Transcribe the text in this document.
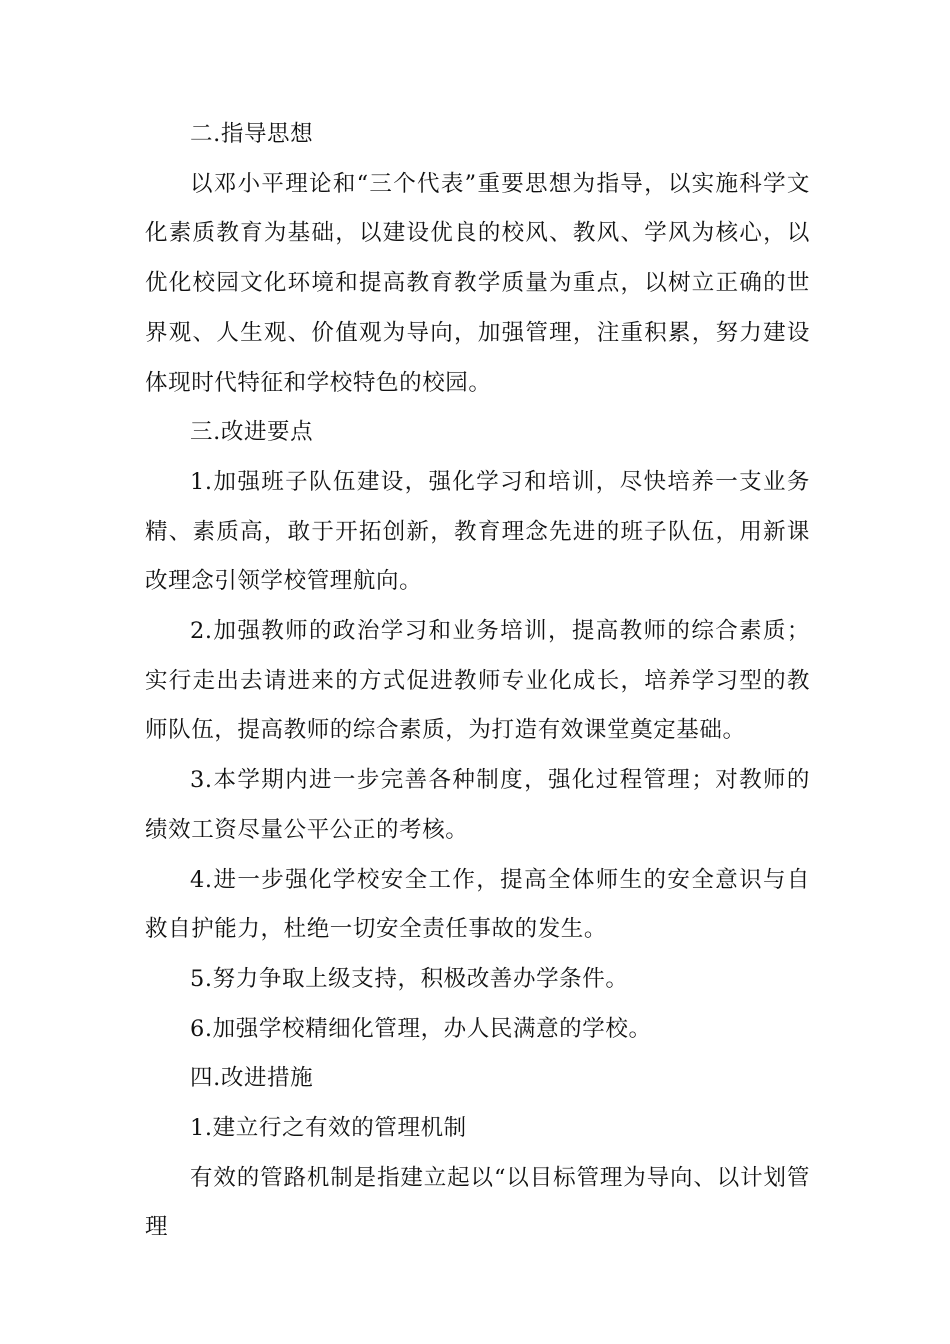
二.指导思想

以邓小平理论和“三个代表”重要思想为指导，以实施科学文化素质教育为基础，以建设优良的校风、教风、学风为核心，以优化校园文化环境和提高教育教学质量为重点，以树立正确的世界观、人生观、价值观为导向，加强管理，注重积累，努力建设体现时代特征和学校特色的校园。

三.改进要点

1.加强班子队伍建设，强化学习和培训，尽快培养一支业务精、素质高，敢于开拓创新，教育理念先进的班子队伍，用新课改理念引领学校管理航向。

2.加强教师的政治学习和业务培训，提高教师的综合素质；实行走出去请进来的方式促进教师专业化成长，培养学习型的教师队伍，提高教师的综合素质，为打造有效课堂奠定基础。

3.本学期内进一步完善各种制度，强化过程管理；对教师的绩效工资尽量公平公正的考核。

4.进一步强化学校安全工作，提高全体师生的安全意识与自救自护能力，杜绝一切安全责任事故的发生。

5.努力争取上级支持，积极改善办学条件。

6.加强学校精细化管理，办人民满意的学校。

四.改进措施

1.建立行之有效的管理机制

有效的管路机制是指建立起以“以目标管理为导向、以计划管理
